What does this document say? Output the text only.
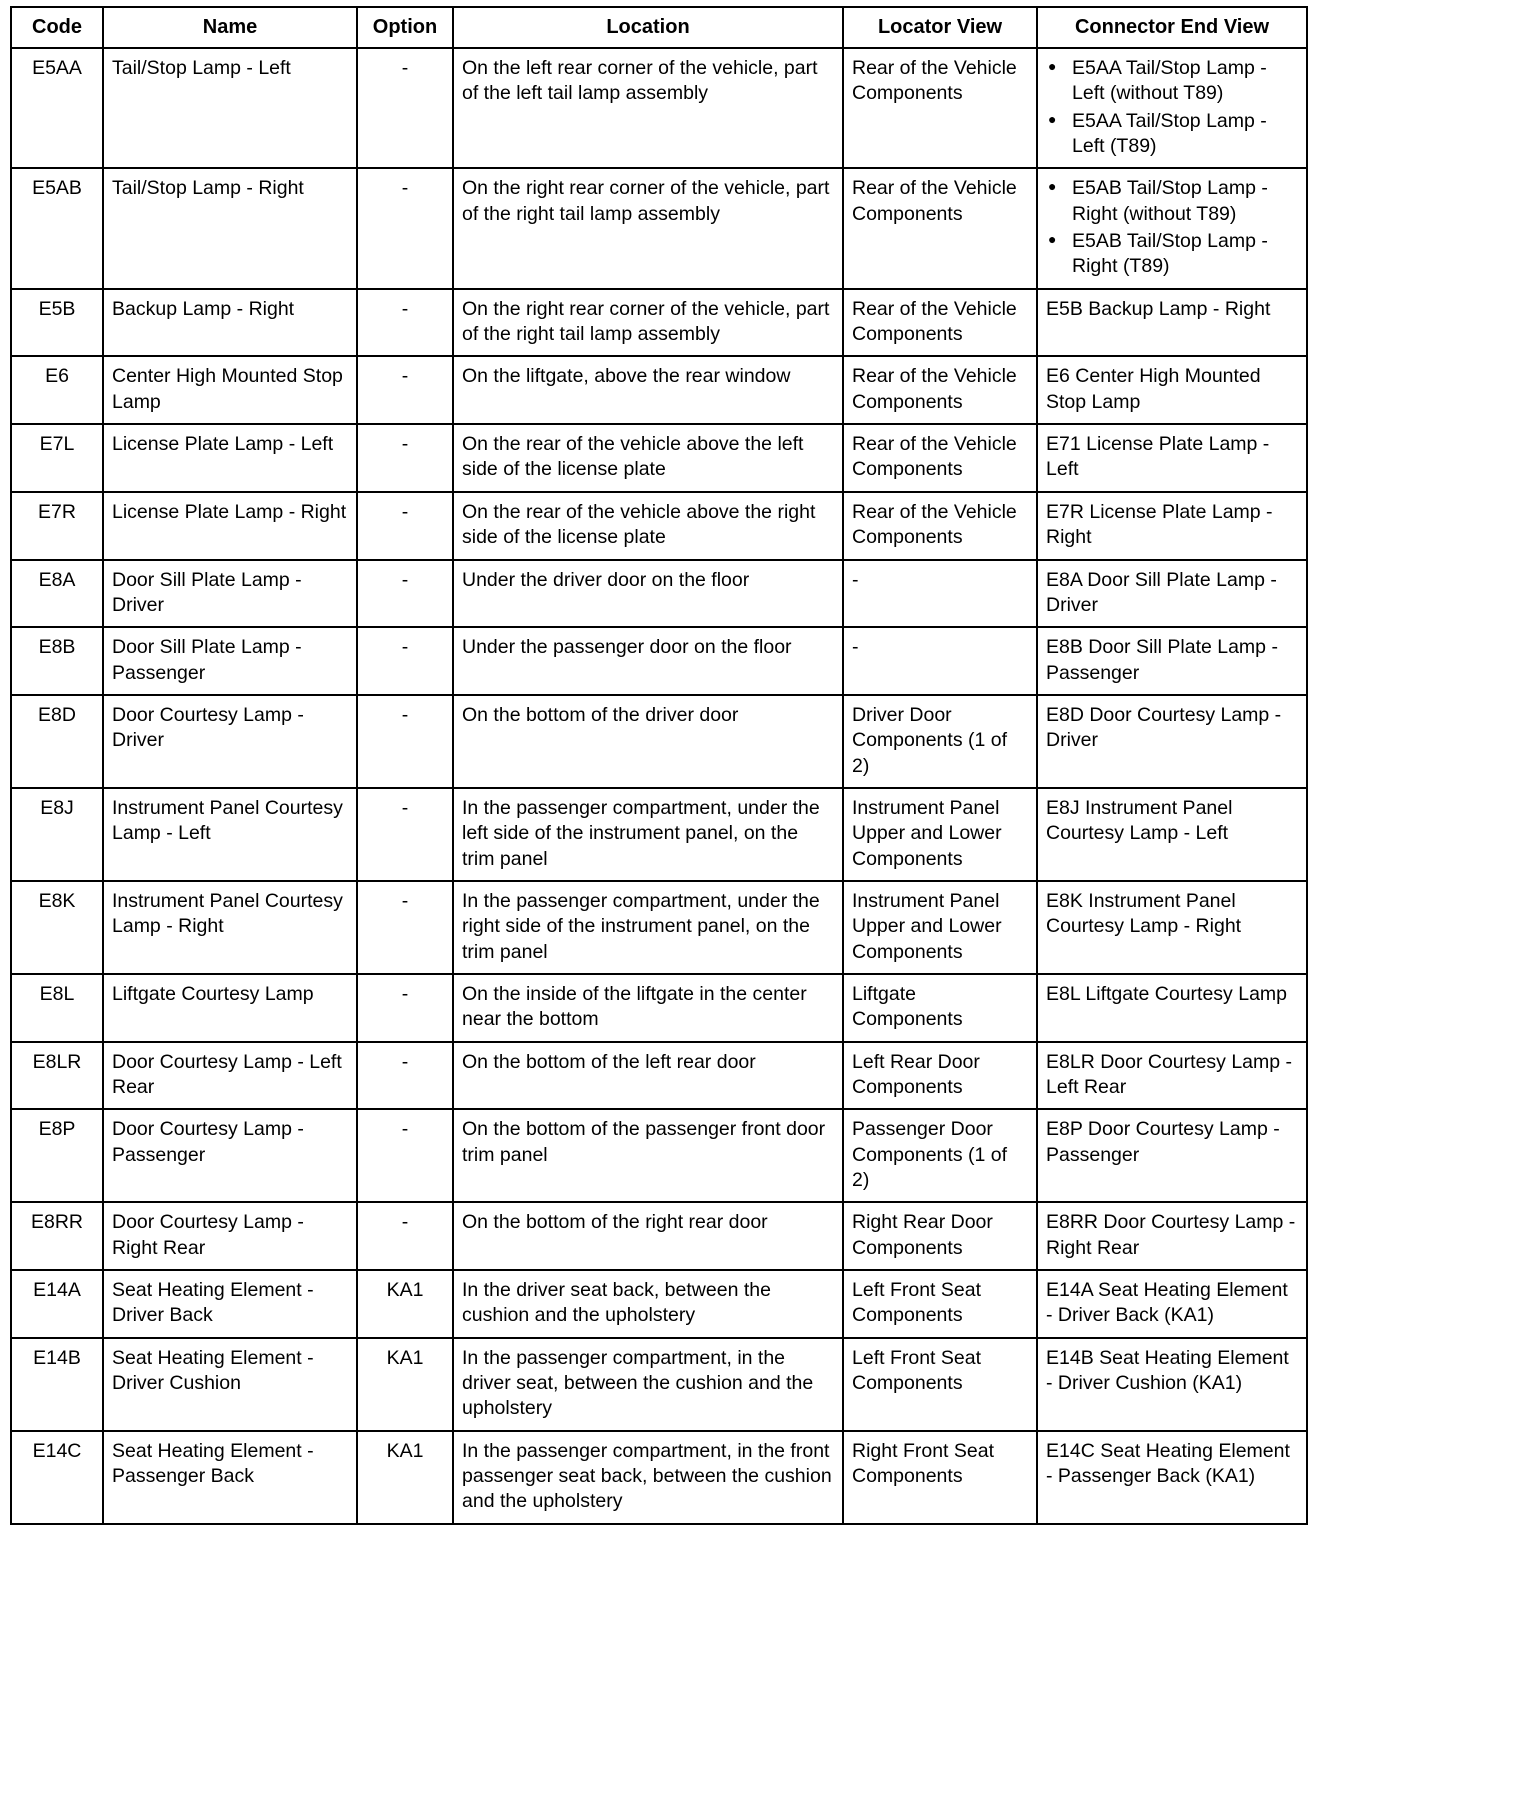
Code	Name	Option	Location	Locator View	Connector End View
E5AA	Tail/Stop Lamp - Left	-	On the left rear corner of the vehicle, part of the left tail lamp assembly	Rear of the Vehicle Components	
● E5AA Tail/Stop Lamp - Left (without T89)
● E5AA Tail/Stop Lamp - Left (T89)

E5AB	Tail/Stop Lamp - Right	-	On the right rear corner of the vehicle, part of the right tail lamp assembly	Rear of the Vehicle Components	
● E5AB Tail/Stop Lamp - Right (without T89)
● E5AB Tail/Stop Lamp - Right (T89)

E5B	Backup Lamp - Right	-	On the right rear corner of the vehicle, part of the right tail lamp assembly	Rear of the Vehicle Components	E5B Backup Lamp - Right
E6	Center High Mounted Stop Lamp	-	On the liftgate, above the rear window	Rear of the Vehicle Components	E6 Center High Mounted Stop Lamp
E7L	License Plate Lamp - Left	-	On the rear of the vehicle above the left side of the license plate	Rear of the Vehicle Components	E71 License Plate Lamp - Left
E7R	License Plate Lamp - Right	-	On the rear of the vehicle above the right side of the license plate	Rear of the Vehicle Components	E7R License Plate Lamp - Right
E8A	Door Sill Plate Lamp - Driver	-	Under the driver door on the floor	-	E8A Door Sill Plate Lamp - Driver
E8B	Door Sill Plate Lamp - Passenger	-	Under the passenger door on the floor	-	E8B Door Sill Plate Lamp - Passenger
E8D	Door Courtesy Lamp - Driver	-	On the bottom of the driver door	Driver Door Components (1 of 2)	E8D Door Courtesy Lamp - Driver
E8J	Instrument Panel Courtesy Lamp - Left	-	In the passenger compartment, under the left side of the instrument panel, on the trim panel	Instrument Panel Upper and Lower Components	E8J Instrument Panel Courtesy Lamp - Left
E8K	Instrument Panel Courtesy Lamp - Right	-	In the passenger compartment, under the right side of the instrument panel, on the trim panel	Instrument Panel Upper and Lower Components	E8K Instrument Panel Courtesy Lamp - Right
E8L	Liftgate Courtesy Lamp	-	On the inside of the liftgate in the center near the bottom	Liftgate Components	E8L Liftgate Courtesy Lamp
E8LR	Door Courtesy Lamp - Left Rear	-	On the bottom of the left rear door	Left Rear Door Components	E8LR Door Courtesy Lamp - Left Rear
E8P	Door Courtesy Lamp - Passenger	-	On the bottom of the passenger front door trim panel	Passenger Door Components (1 of 2)	E8P Door Courtesy Lamp - Passenger
E8RR	Door Courtesy Lamp - Right Rear	-	On the bottom of the right rear door	Right Rear Door Components	E8RR Door Courtesy Lamp - Right Rear
E14A	Seat Heating Element - Driver Back	KA1	In the driver seat back, between the cushion and the upholstery	Left Front Seat Components	E14A Seat Heating Element - Driver Back (KA1)
E14B	Seat Heating Element - Driver Cushion	KA1	In the passenger compartment, in the driver seat, between the cushion and the upholstery	Left Front Seat Components	E14B Seat Heating Element - Driver Cushion (KA1)
E14C	Seat Heating Element - Passenger Back	KA1	In the passenger compartment, in the front passenger seat back, between the cushion and the upholstery	Right Front Seat Components	E14C Seat Heating Element - Passenger Back (KA1)
